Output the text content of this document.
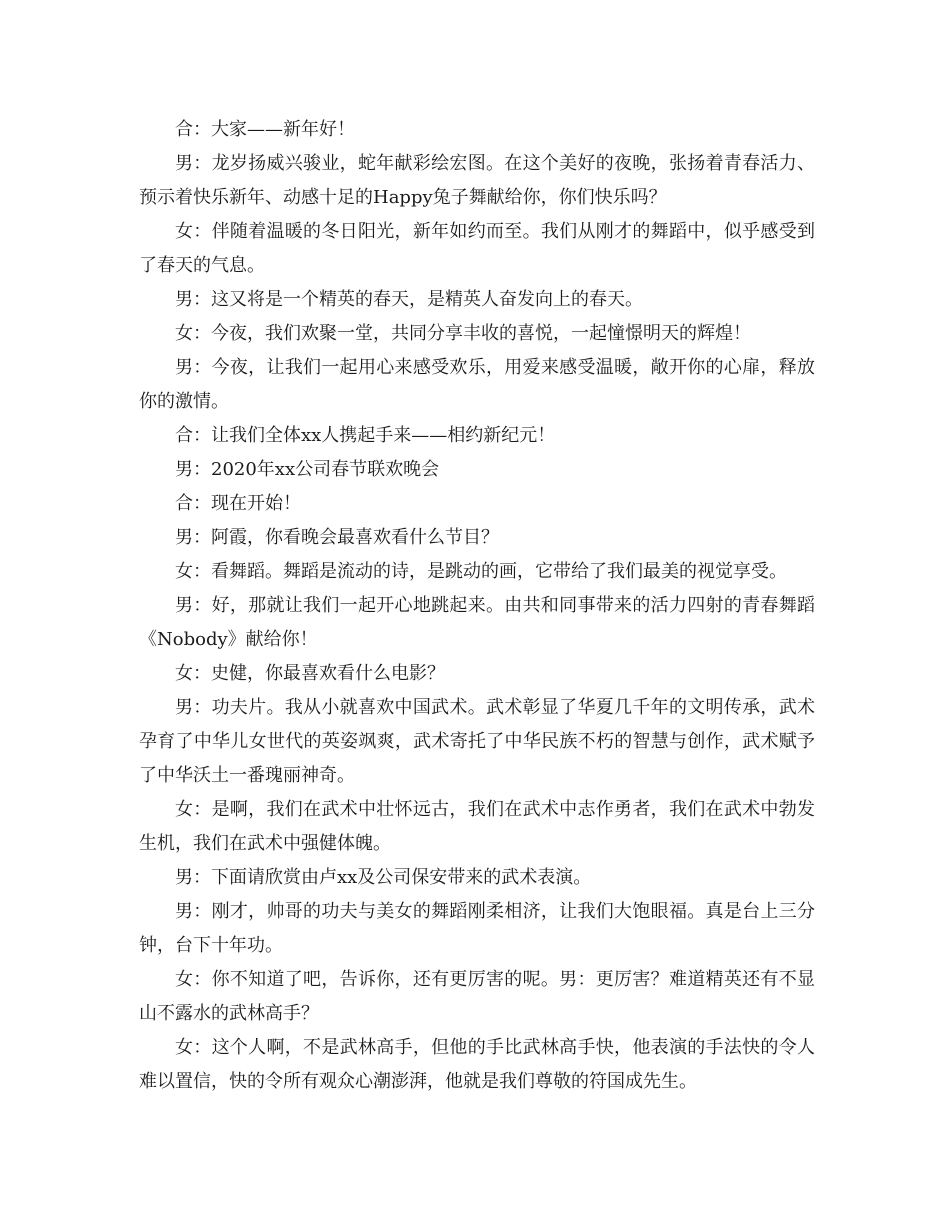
合：大家——新年好！

男：龙岁扬威兴骏业，蛇年献彩绘宏图。在这个美好的夜晚，张扬着青春活力、预示着快乐新年、动感十足的Happy兔子舞献给你，你们快乐吗？

女：伴随着温暖的冬日阳光，新年如约而至。我们从刚才的舞蹈中，似乎感受到了春天的气息。

男：这又将是一个精英的春天，是精英人奋发向上的春天。

女：今夜，我们欢聚一堂，共同分享丰收的喜悦，一起憧憬明天的辉煌！

男：今夜，让我们一起用心来感受欢乐，用爱来感受温暖，敞开你的心扉，释放你的激情。

合：让我们全体xx人携起手来——相约新纪元！

男：2020年xx公司春节联欢晚会

合：现在开始！

男：阿霞，你看晚会最喜欢看什么节目？

女：看舞蹈。舞蹈是流动的诗，是跳动的画，它带给了我们最美的视觉享受。

男：好，那就让我们一起开心地跳起来。由共和同事带来的活力四射的青春舞蹈《Nobody》献给你！

女：史健，你最喜欢看什么电影？

男：功夫片。我从小就喜欢中国武术。武术彰显了华夏几千年的文明传承，武术孕育了中华儿女世代的英姿飒爽，武术寄托了中华民族不朽的智慧与创作，武术赋予了中华沃土一番瑰丽神奇。

女：是啊，我们在武术中壮怀远古，我们在武术中志作勇者，我们在武术中勃发生机，我们在武术中强健体魄。

男：下面请欣赏由卢xx及公司保安带来的武术表演。

男：刚才，帅哥的功夫与美女的舞蹈刚柔相济，让我们大饱眼福。真是台上三分钟，台下十年功。

女：你不知道了吧，告诉你，还有更厉害的呢。男：更厉害？难道精英还有不显山不露水的武林高手？

女：这个人啊，不是武林高手，但他的手比武林高手快，他表演的手法快的令人难以置信，快的令所有观众心潮澎湃，他就是我们尊敬的符国成先生。
